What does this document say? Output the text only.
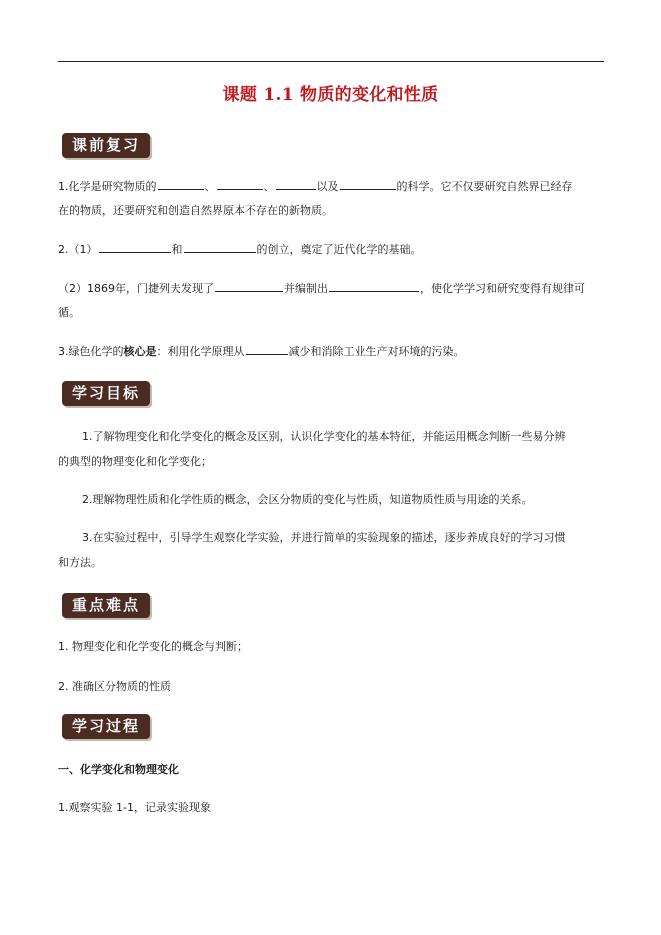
课题 1.1 物质的变化和性质
课前复习
1.化学是研究物质的	、	、	以及	的科学。它不仅要研究自然界已经存
在的物质，还要研究和创造自然界原本不存在的新物质。
2.（1）	和	的创立，奠定了近代化学的基础。
（2）1869年，门捷列夫发现了	并编制出	，使化学学习和研究变得有规律可
循。
3.绿色化学的核心是：利用化学原理从	减少和消除工业生产对环境的污染。
学习目标
1.了解物理变化和化学变化的概念及区别，认识化学变化的基本特征，并能运用概念判断一些易分辨
的典型的物理变化和化学变化；
2.理解物理性质和化学性质的概念，会区分物质的变化与性质，知道物质性质与用途的关系。
3.在实验过程中，引导学生观察化学实验，并进行简单的实验现象的描述，逐步养成良好的学习习惯
和方法。
重点难点
1. 物理变化和化学变化的概念与判断；
2. 准确区分物质的性质
学习过程
一、化学变化和物理变化
1.观察实验 1-1，记录实验现象
